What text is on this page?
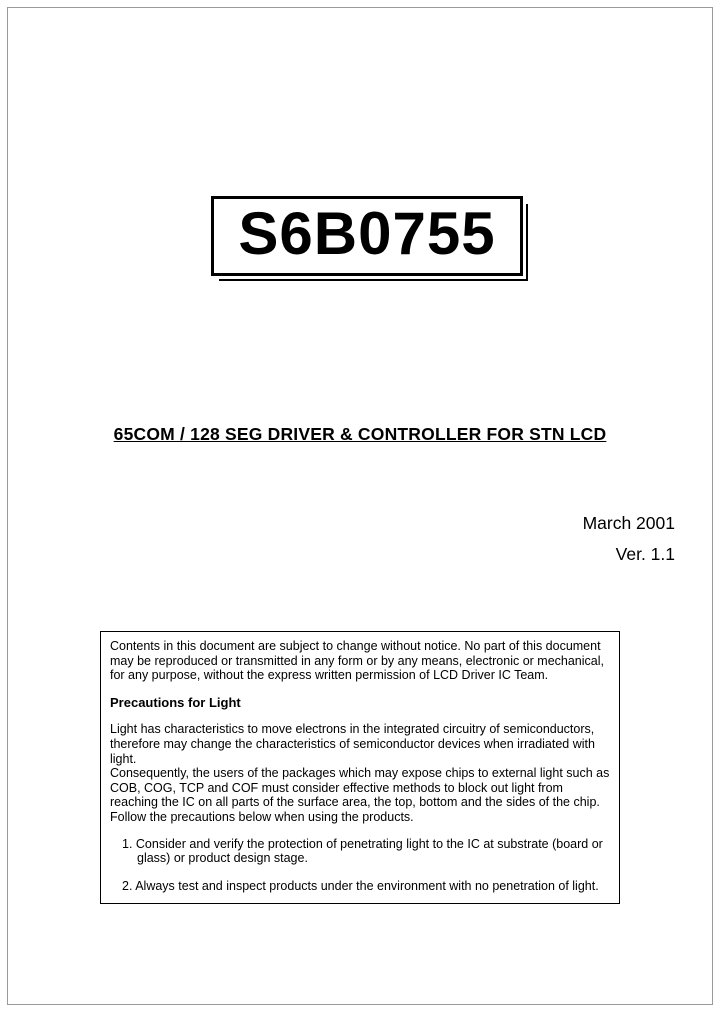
S6B0755
65COM / 128 SEG DRIVER & CONTROLLER FOR STN LCD
March 2001
Ver. 1.1

Contents in this document are subject to change without notice. No part of this document may be reproduced or transmitted in any form or by any means, electronic or mechanical, for any purpose, without the express written permission of LCD Driver IC Team.

Precautions for Light

Light has characteristics to move electrons in the integrated circuitry of semiconductors, therefore may change the characteristics of semiconductor devices when irradiated with light.

Consequently, the users of the packages which may expose chips to external light such as COB, COG, TCP and COF must consider effective methods to block out light from reaching the IC on all parts of the surface area, the top, bottom and the sides of the chip. Follow the precautions below when using the products.

1. Consider and verify the protection of penetrating light to the IC at substrate (board or glass) or product design stage.
2. Always test and inspect products under the environment with no penetration of light.
